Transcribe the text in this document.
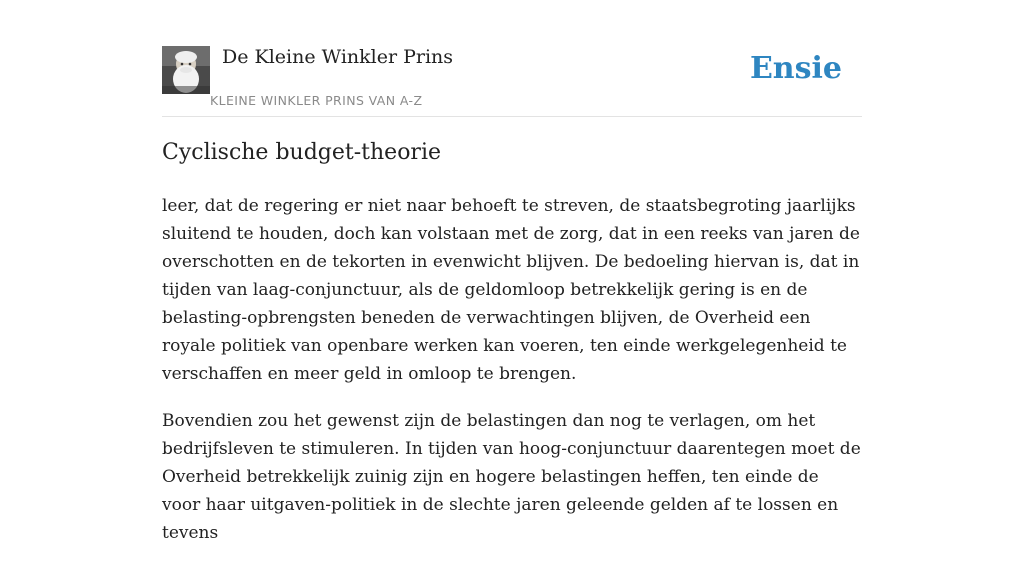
De Kleine Winkler Prins
KLEINE WINKLER PRINS VAN A-Z
Ensie
Cyclische budget-theorie

leer, dat de regering er niet naar behoeft te streven, de staatsbegroting jaarlijks sluitend te houden, doch kan volstaan met de zorg, dat in een reeks van jaren de overschotten en de tekorten in evenwicht blijven. De bedoeling hiervan is, dat in tijden van laag-conjunctuur, als de geldomloop betrekkelijk gering is en de belasting-opbrengsten beneden de verwachtingen blijven, de Overheid een royale politiek van openbare werken kan voeren, ten einde werkgelegenheid te verschaffen en meer geld in omloop te brengen.

Bovendien zou het gewenst zijn de belastingen dan nog te verlagen, om het bedrijfsleven te stimuleren. In tijden van hoog-conjunctuur daarentegen moet de Overheid betrekkelijk zuinig zijn en hogere belastingen heffen, ten einde de voor haar uitgaven-politiek in de slechte jaren geleende gelden af te lossen en tevens
